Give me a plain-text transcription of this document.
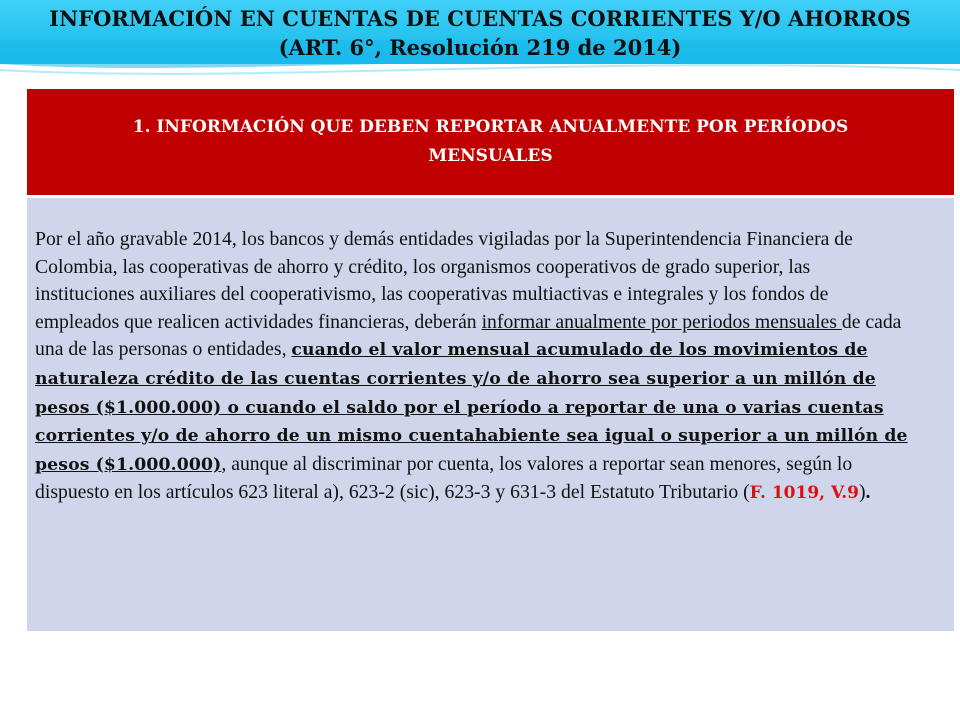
INFORMACIÓN EN CUENTAS DE CUENTAS CORRIENTES Y/O AHORROS
(ART. 6°, Resolución 219 de 2014)
1. INFORMACIÓN QUE DEBEN REPORTAR ANUALMENTE POR PERÍODOS
MENSUALES
Por el año gravable 2014, los bancos y demás entidades vigiladas por la Superintendencia Financiera de Colombia, las cooperativas de ahorro y crédito, los organismos cooperativos de grado superior, las instituciones auxiliares del cooperativismo, las cooperativas multiactivas e integrales y los fondos de empleados que realicen actividades financieras, deberán informar anualmente por periodos mensuales de cada una de las personas o entidades, cuando el valor mensual acumulado de los movimientos de naturaleza crédito de las cuentas corrientes y/o de ahorro sea superior a un millón de pesos ($1.000.000) o cuando el saldo por el período a reportar de una o varias cuentas corrientes y/o de ahorro de un mismo cuentahabiente sea igual o superior a un millón de pesos ($1.000.000), aunque al discriminar por cuenta, los valores a reportar sean menores, según lo dispuesto en los artículos 623 literal a), 623-2 (sic), 623-3 y 631-3 del Estatuto Tributario (F. 1019, V.9).
